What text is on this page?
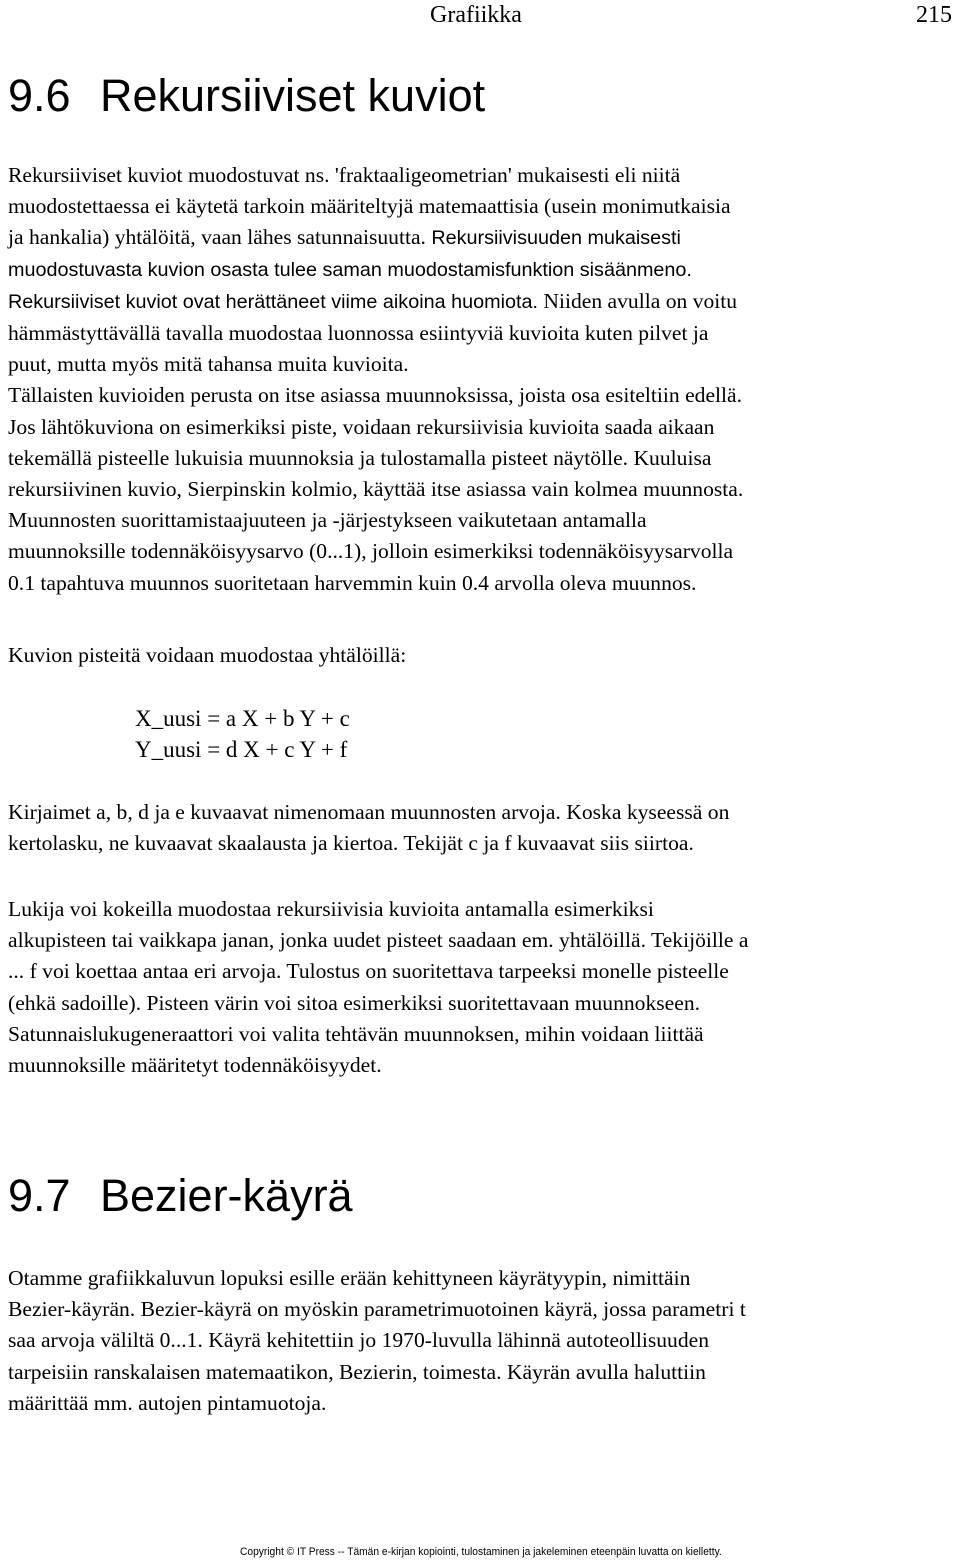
Grafiikka	215
9.6 Rekursiiviset kuviot
Rekursiiviset kuviot muodostuvat ns. 'fraktaaligeometrian' mukaisesti eli niitä
muodostettaessa ei käytetä tarkoin määriteltyjä matemaattisia (usein monimutkaisia
ja hankalia) yhtälöitä, vaan lähes satunnaisuutta. Rekursiivisuuden mukaisesti
muodostuvasta kuvion osasta tulee saman muodostamisfunktion sisäänmeno.
Rekursiiviset kuviot ovat herättäneet viime aikoina huomiota. Niiden avulla on voitu
hämmästyttävällä tavalla muodostaa luonnossa esiintyviä kuvioita kuten pilvet ja
puut, mutta myös mitä tahansa muita kuvioita.
Tällaisten kuvioiden perusta on itse asiassa muunnoksissa, joista osa esiteltiin edellä.
Jos lähtökuviona on esimerkiksi piste, voidaan rekursiivisia kuvioita saada aikaan
tekemällä pisteelle lukuisia muunnoksia ja tulostamalla pisteet näytölle. Kuuluisa
rekursiivinen kuvio, Sierpinskin kolmio, käyttää itse asiassa vain kolmea muunnosta.
Muunnosten suorittamistaajuuteen ja -järjestykseen vaikutetaan antamalla
muunnoksille todennäköisyysarvo (0...1), jolloin esimerkiksi todennäköisyysarvolla
0.1 tapahtuva muunnos suoritetaan harvemmin kuin 0.4 arvolla oleva muunnos.
Kuvion pisteitä voidaan muodostaa yhtälöillä:
X_uusi = a X + b Y + c
Y_uusi = d X + c Y + f
Kirjaimet a, b, d ja e kuvaavat nimenomaan muunnosten arvoja. Koska kyseessä on
kertolasku, ne kuvaavat skaalausta ja kiertoa. Tekijät c ja f kuvaavat siis siirtoa.
Lukija voi kokeilla muodostaa rekursiivisia kuvioita antamalla esimerkiksi
alkupisteen tai vaikkapa janan, jonka uudet pisteet saadaan em. yhtälöillä. Tekijöille a
... f voi koettaa antaa eri arvoja. Tulostus on suoritettava tarpeeksi monelle pisteelle
(ehkä sadoille). Pisteen värin voi sitoa esimerkiksi suoritettavaan muunnokseen.
Satunnaislukugeneraattori voi valita tehtävän muunnoksen, mihin voidaan liittää
muunnoksille määritetyt todennäköisyydet.
9.7 Bezier-käyrä
Otamme grafiikkaluvun lopuksi esille erään kehittyneen käyrätyypin, nimittäin
Bezier-käyrän. Bezier-käyrä on myöskin parametrimuotoinen käyrä, jossa parametri t
saa arvoja väliltä 0...1. Käyrä kehitettiin jo 1970-luvulla lähinnä autoteollisuuden
tarpeisiin ranskalaisen matemaatikon, Bezierin, toimesta. Käyrän avulla haluttiin
määrittää mm. autojen pintamuotoja.
Copyright © IT Press -- Tämän e-kirjan kopiointi, tulostaminen ja jakeleminen eteenpäin luvatta on kielletty.
